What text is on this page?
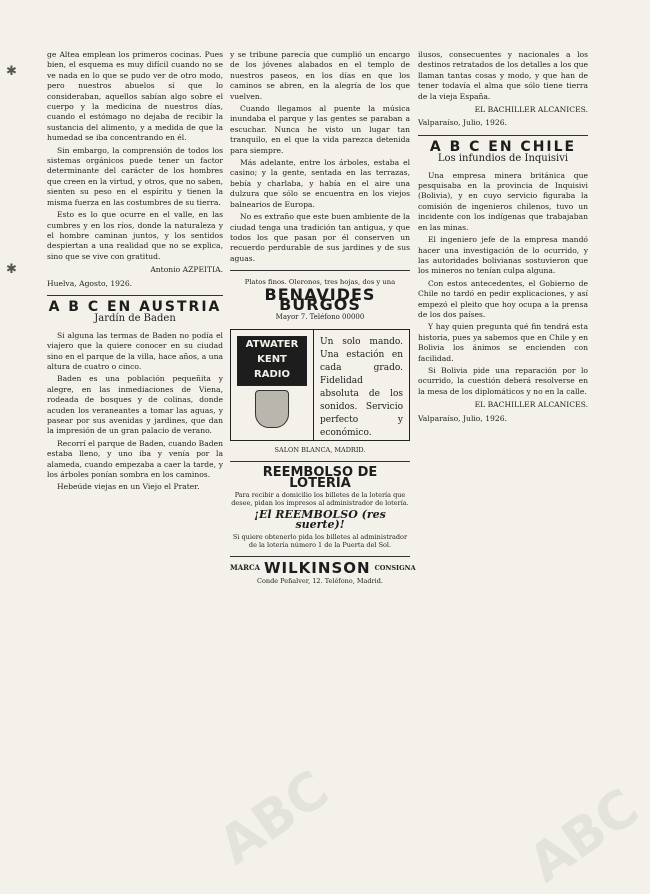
✱
✱

ge Altea emplean los primeros cocinas. Pues bien, el esquema es muy difícil cuando no se ve nada en lo que se pudo ver de otro modo, pero nuestros abuelos sí que lo consideraban, aquellos sabían algo sobre el cuerpo y la medicina de nuestros días, cuando el estómago no dejaba de recibir la sustancia del alimento, y a medida de que la humedad se iba concentrando en él.

Sin embargo, la comprensión de todos los sistemas orgánicos puede tener un factor determinante del carácter de los hombres que creen en la virtud, y otros, que no saben, sienten su peso en el espíritu y tienen la misma fuerza en las costumbres de su tierra.

Esto es lo que ocurre en el valle, en las cumbres y en los ríos, donde la naturaleza y el hombre caminan juntos, y los sentidos despiertan a una realidad que no se explica, sino que se vive con gratitud.

Antonio AZPEITIA.
Huelva, Agosto, 1926.
A B C EN AUSTRIA
Jardín de Baden

Si alguna las termas de Baden no podía el viajero que la quiere conocer en su ciudad sino en el parque de la villa, hace años, a una altura de cuatro o cinco.

Baden es una población pequeñita y alegre, en las inmediaciones de Viena, rodeada de bosques y de colinas, donde acuden los veraneantes a tomar las aguas, y pasear por sus avenidas y jardines, que dan la impresión de un gran palacio de verano.

Recorrí el parque de Baden, cuando Baden estaba lleno, y uno iba y venía por la alameda, cuando empezaba a caer la tarde, y los árboles ponían sombra en los caminos.

Hebeúde viejas en un Viejo el Prater.

y se tribune parecía que cumplió un encargo de los jóvenes alabados en el templo de nuestros paseos, en los días en que los caminos se abren, en la alegría de los que vuelven.

Cuando llegamos al puente la música inundaba el parque y las gentes se paraban a escuchar. Nunca he visto un lugar tan tranquilo, en el que la vida parezca detenida para siempre.

Más adelante, entre los árboles, estaba el casino; y la gente, sentada en las terrazas, bebía y charlaba, y había en el aire una dulzura que sólo se encuentra en los viejos balnearios de Europa.

No es extraño que este buen ambiente de la ciudad tenga una tradición tan antigua, y que todos los que pasan por él conserven un recuerdo perdurable de sus jardines y de sus aguas.

Platos finos. Oleronos, tres hojas, dos y una
BENAVIDES BURGOS
Mayor 7. Teléfono 00000
ATWATER
KENT
RADIO
Un solo mando. Una estación en cada grado. Fidelidad absoluta de los sonidos. Servicio perfecto y económico.
SALON BLANCA, MADRID.
REEMBOLSO DE LOTERÍA
Para recibir a domicilio los billetes de la lotería que desee, pidan los impresos al administrador de lotería.
¡El REEMBOLSO (res suerte)!
Si quiere obtenerlo pida los billetes al administrador de la lotería número 1 de la Puerta del Sol.
MARCA WILKINSON CONSIGNA
Conde Peñalver, 12. Teléfono, Madrid.

ilusos, consecuentes y nacionales a los destinos retratados de los detalles a los que llaman tantas cosas y modo, y que han de tener todavía el alma que sólo tiene tierra de la vieja España.

EL BACHILLER ALCANICES.
Valparaíso, Julio, 1926.
A B C EN CHILE
Los infundios de Inquisivi

Una empresa minera británica que pesquisaba en la provincia de Inquisivi (Bolivia), y en cuyo servicio figuraba la comisión de ingenieros chilenos, tuvo un incidente con los indígenas que trabajaban en las minas.

El ingeniero jefe de la empresa mandó hacer una investigación de lo ocurrido, y las autoridades bolivianas sostuvieron que los mineros no tenían culpa alguna.

Con estos antecedentes, el Gobierno de Chile no tardó en pedir explicaciones, y así empezó el pleito que hoy ocupa a la prensa de los dos países.

Y hay quien pregunta qué fin tendrá esta historia, pues ya sabemos que en Chile y en Bolivia los ánimos se encienden con facilidad.

Si Bolivia pide una reparación por lo ocurrido, la cuestión deberá resolverse en la mesa de los diplomáticos y no en la calle.

EL BACHILLER ALCANICES.
Valparaíso, Julio, 1926.
ABC	ABC
